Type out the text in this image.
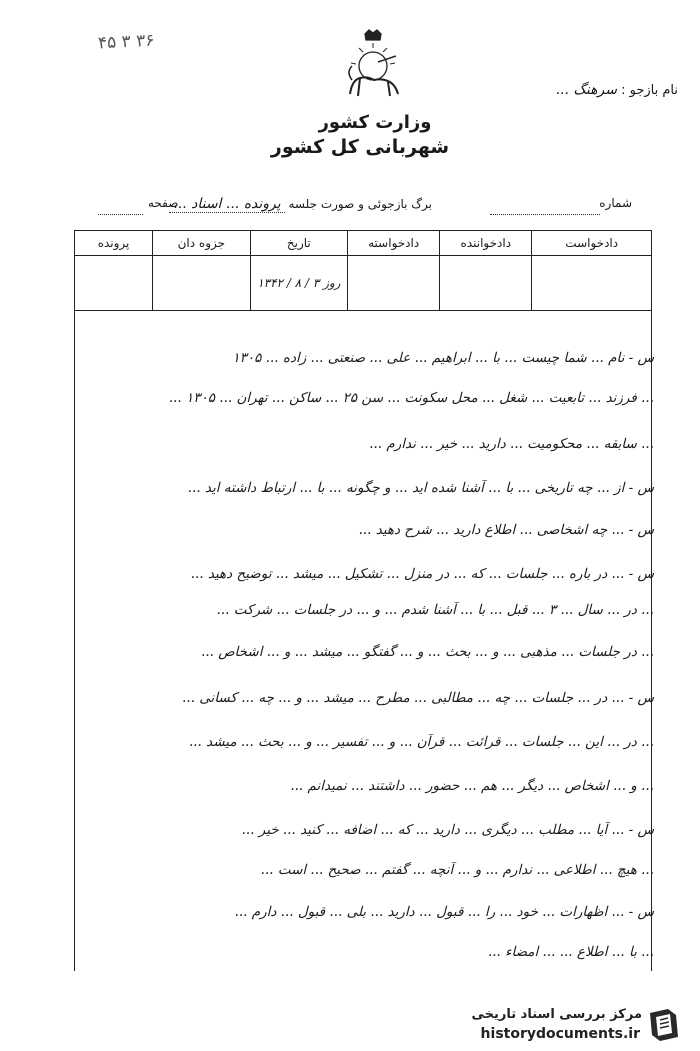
۴۵ ۳ ۳۶
وزارت کشور
شهربانی کل کشور
نام بازجو : سرهنگ ...
شماره
برگ بازجوئی و صورت جلسه پرونده ... اسناد ...
صفحه
دادخواست	دادخواننده	دادخواسته	تاریخ	جزوه دان	پرونده
			روز ۳ / ۸ / ۱۳۴۲		
س - نام ... شما چیست ... با ... ابراهیم ... علی ... صنعتی ... زاده ... ۱۳۰۵
... فرزند ... تابعیت ... شغل ... محل سکونت ... سن ۲۵ ... ساکن ... تهران ... ۱۳۰۵ ...
... سابقه ... محکومیت ... دارید ... خیر ... ندارم ...
س - از ... چه تاریخی ... با ... آشنا شده اید ... و چگونه ... با ... ارتباط داشته اید ...
س - ... چه اشخاصی ... اطلاع دارید ... شرح دهید ...
س - ... در باره ... جلسات ... که ... در منزل ... تشکیل ... میشد ... توضیح دهید ...
... در ... سال ... ۳ ... قبل ... با ... آشنا شدم ... و ... در جلسات ... شرکت ...
... در جلسات ... مذهبی ... و ... بحث ... و ... گفتگو ... میشد ... و ... اشخاص ...
س - ... در ... جلسات ... چه ... مطالبی ... مطرح ... میشد ... و ... چه ... کسانی ...
... در ... این ... جلسات ... قرائت ... قرآن ... و ... تفسیر ... و ... بحث ... میشد ...
... و ... اشخاص ... دیگر ... هم ... حضور ... داشتند ... نمیدانم ...
س - ... آیا ... مطلب ... دیگری ... دارید ... که ... اضافه ... کنید ... خیر ...
... هیچ ... اطلاعی ... ندارم ... و ... آنچه ... گفتم ... صحیح ... است ...
س - ... اظهارات ... خود ... را ... قبول ... دارید ... بلی ... قبول ... دارم ...
... با ... اطلاع ... ... امضاء ...
مرکز بررسی اسناد تاریخی
historydocuments.ir
